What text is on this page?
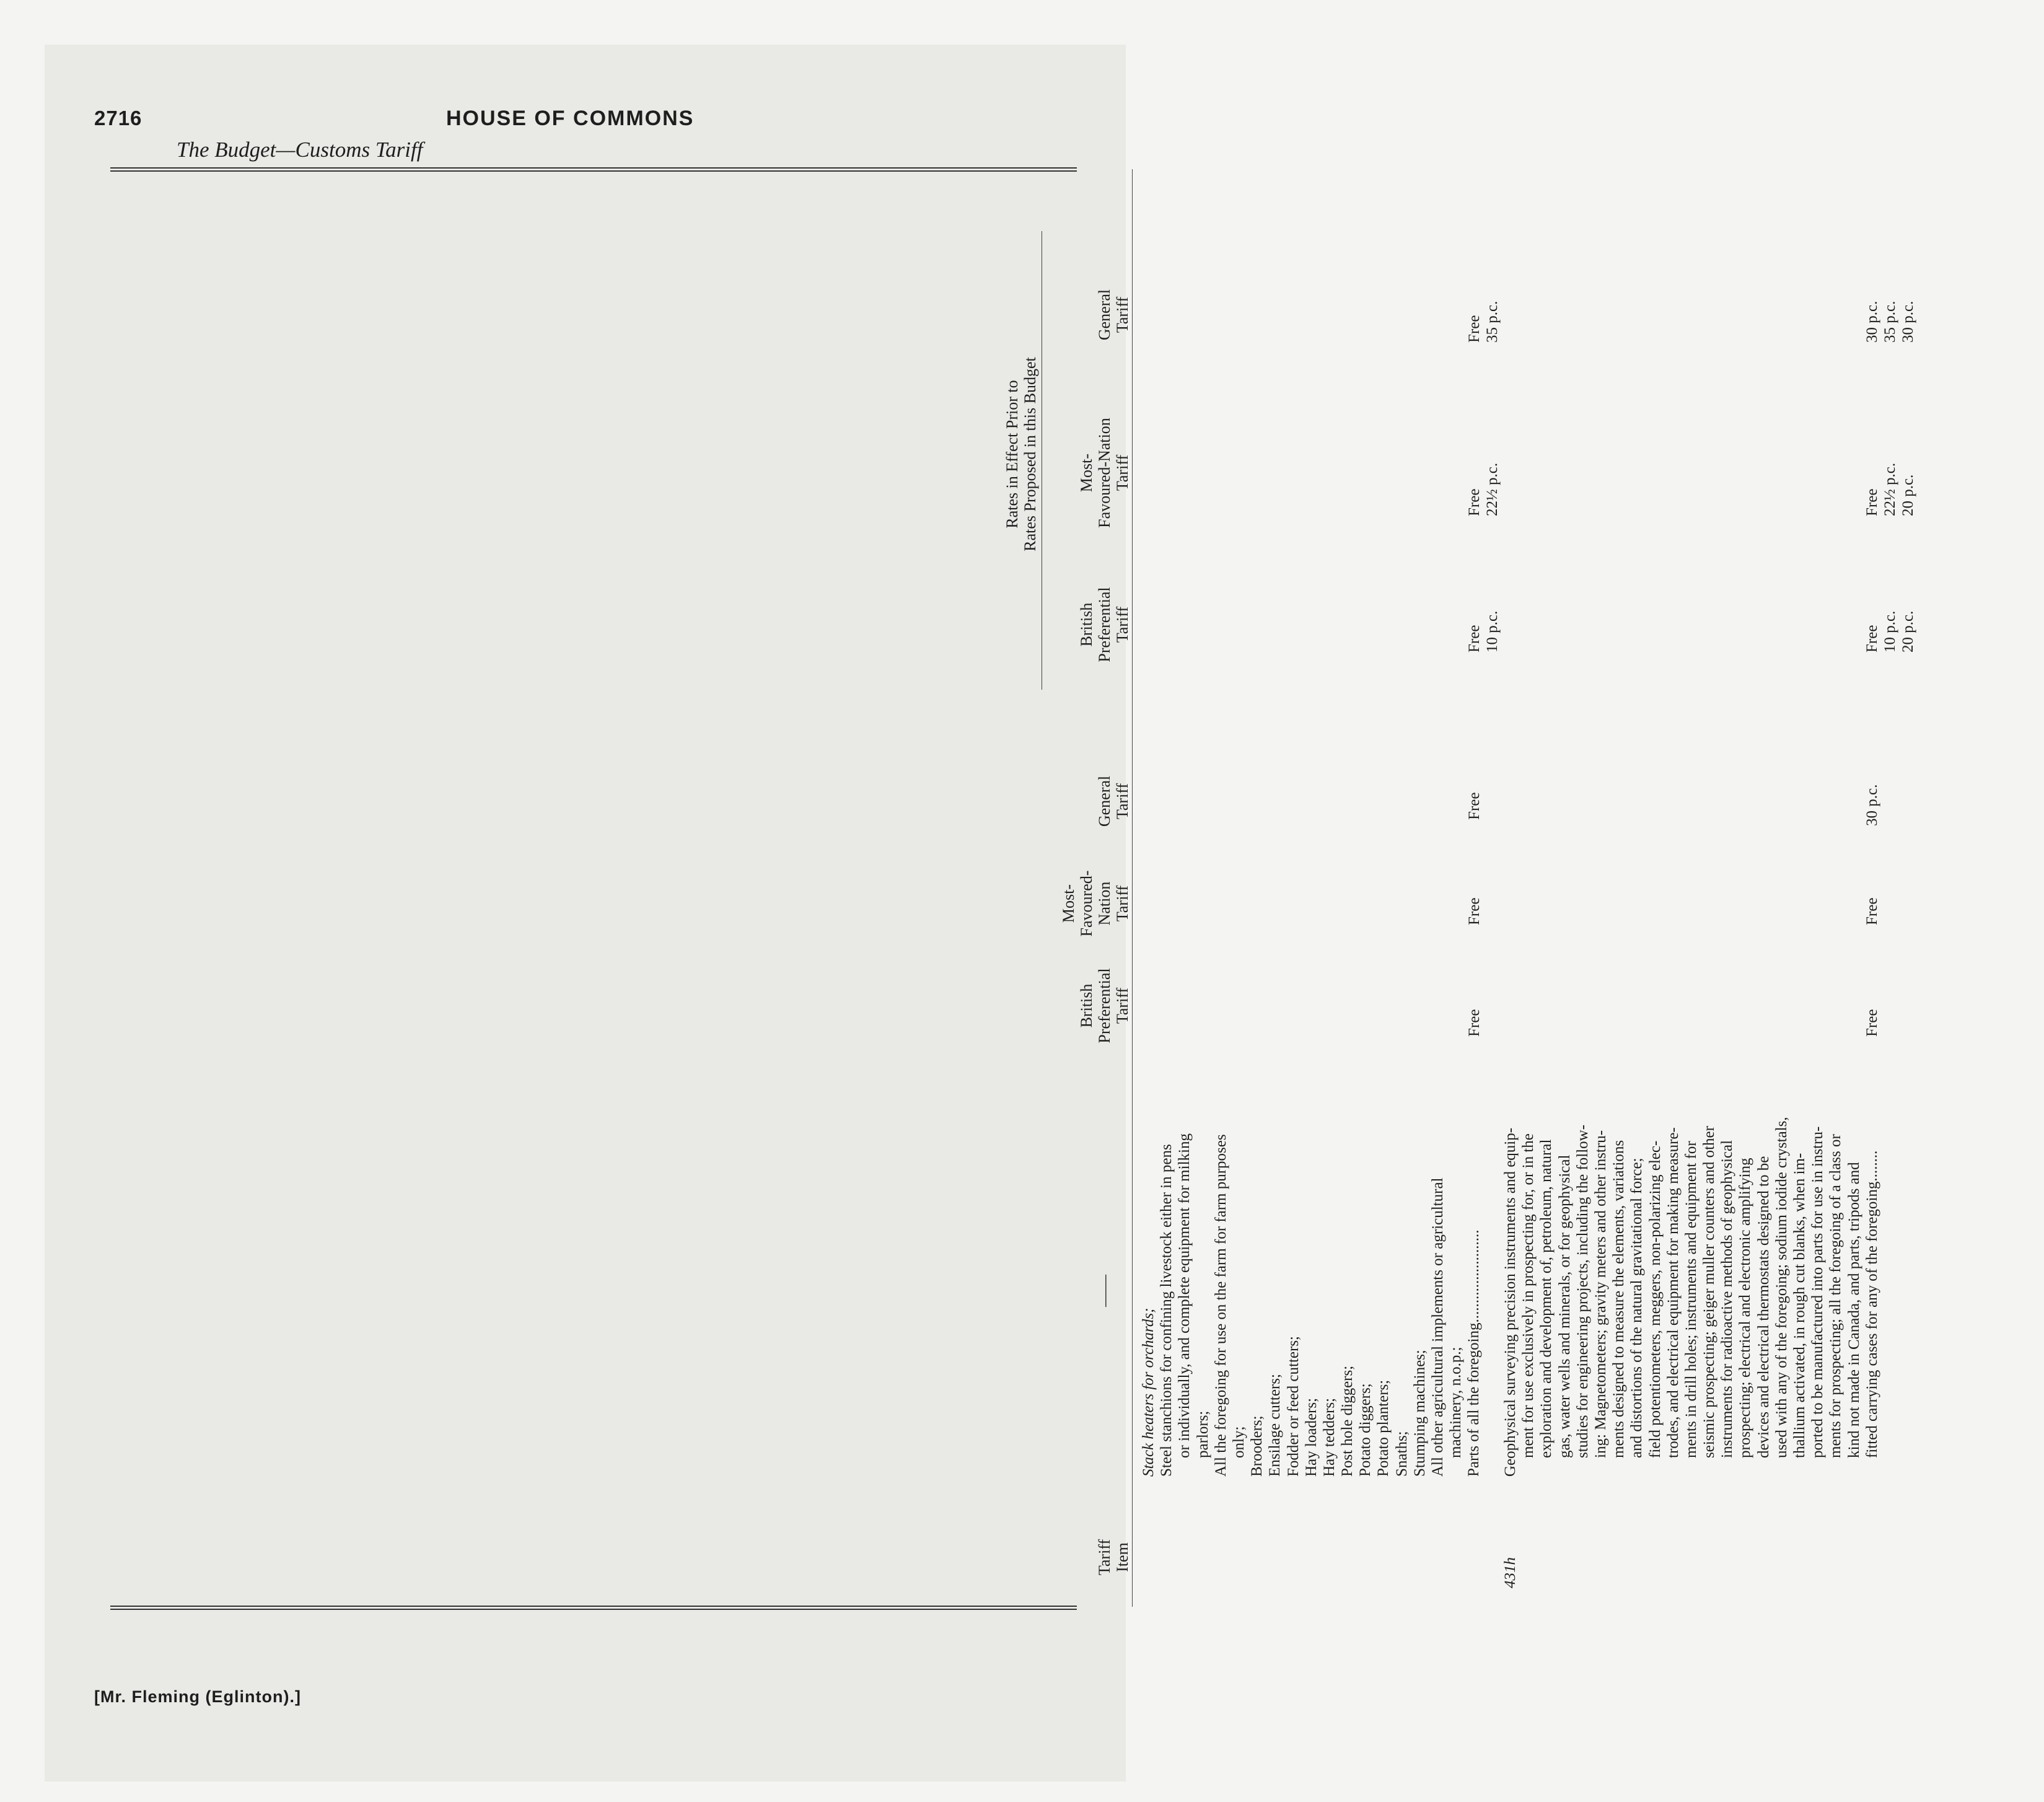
2716	HOUSE OF COMMONS
The Budget—Customs Tariff
Tariff Item
——
British Preferential Tariff
Most- Favoured- Nation Tariff
General Tariff
Rates in Effect Prior to Rates Proposed in this Budget
British Preferential Tariff
Most- Favoured-Nation Tariff
General Tariff
Stack heaters for orchards; Steel stanchions for confining livestock either in pens or individually, and complete equipment for milking parlors; All the foregoing for use on the farm for farm purposes only; Brooders; Ensilage cutters; Fodder or feed cutters; Hay loaders; Hay tedders; Post hole diggers; Potato diggers; Potato planters; Snaths; Stumping machines; All other agricultural implements or agricultural machinery, n.o.p.; Parts of all the foregoing........................
Free
Free
Free
Free 10 p.c.
Free 22½ p.c.
Free 35 p.c.
431h
Geophysical surveying precision instruments and equip- ment for use exclusively in prospecting for, or in the exploration and development of, petroleum, natural gas, water wells and minerals, or for geophysical studies for engineering projects, including the follow- ing: Magnetometers; gravity meters and other instru- ments designed to measure the elements, variations and distortions of the natural gravitational force; field potentiometers, meggers, non-polarizing elec- trodes, and electrical equipment for making measure- ments in drill holes; instruments and equipment for seismic prospecting; geiger muller counters and other instruments for radioactive methods of geophysical prospecting; electrical and electronic amplifying devices and electrical thermostats designed to be used with any of the foregoing; sodium iodide crystals, thallium activated, in rough cut blanks, when im- ported to be manufactured into parts for use in instru- ments for prospecting; all the foregoing of a class or kind not made in Canada, and parts, tripods and fitted carrying cases for any of the foregoing........
Free
Free
30 p.c.
Free 10 p.c. 20 p.c.
Free 22½ p.c. 20 p.c.
30 p.c. 35 p.c. 30 p.c.
[Mr. Fleming (Eglinton).]
